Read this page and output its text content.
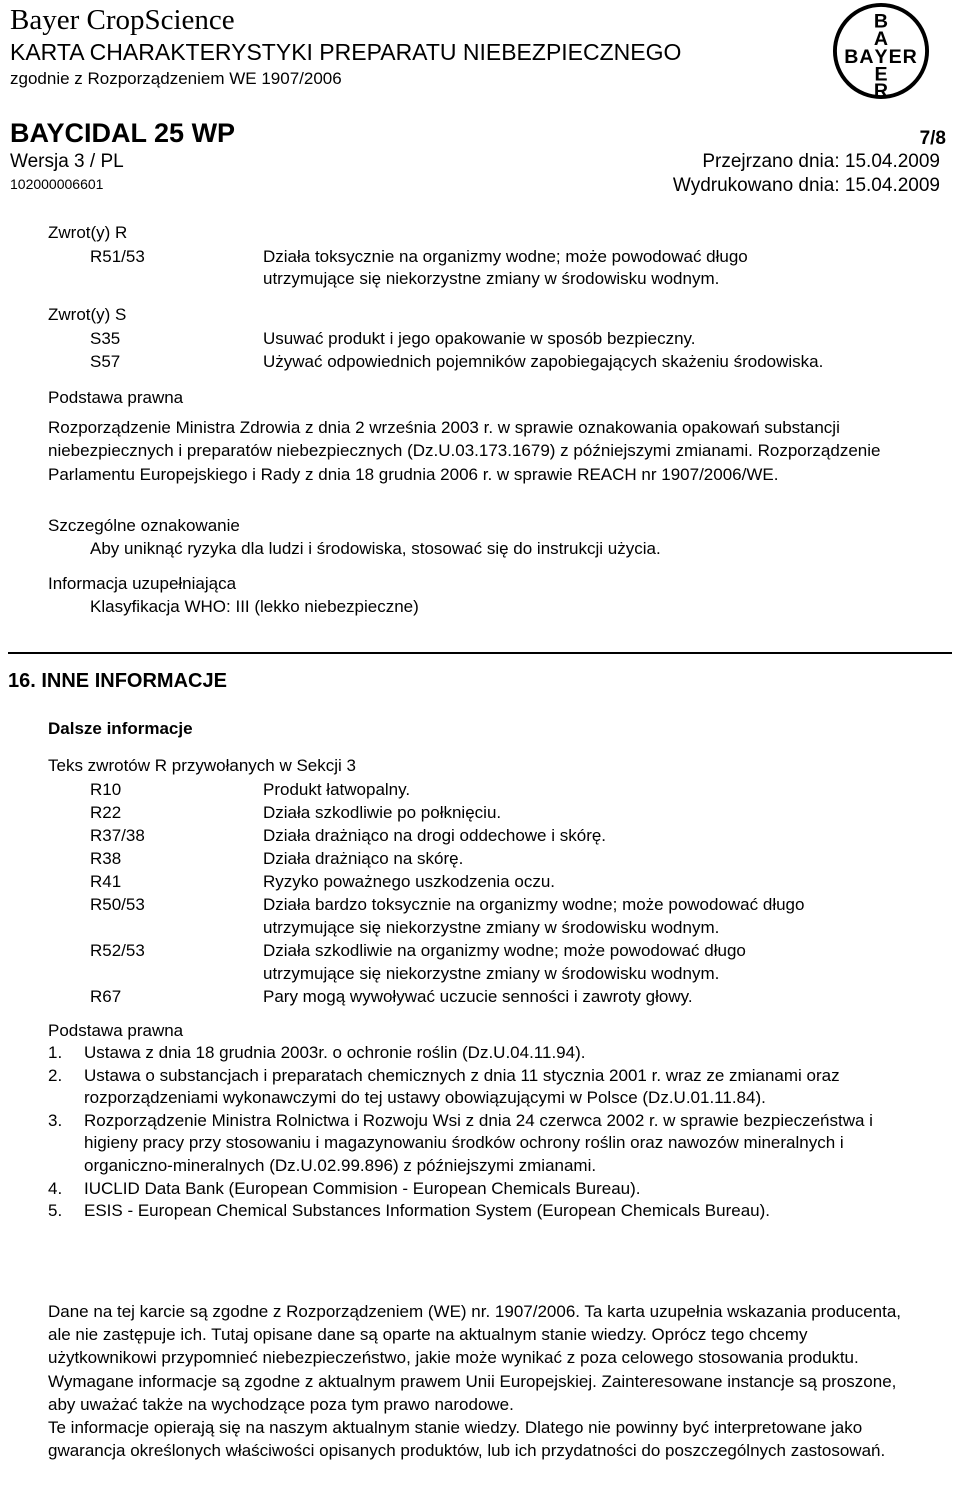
Bayer CropScience
KARTA CHARAKTERYSTYKI PREPARATU NIEBEZPIECZNEGO
zgodnie z Rozporządzeniem WE 1907/2006
B
A
BAYER
E
R
BAYCIDAL 25 WP	7/8
Wersja 3 / PL
102000006601
Przejrzano dnia: 15.04.2009
Wydrukowano dnia: 15.04.2009
Zwrot(y) R
R51/53	Działa toksycznie na organizmy wodne; może powodować długo
utrzymujące się niekorzystne zmiany w środowisku wodnym.
Zwrot(y) S
S35	Usuwać produkt i jego opakowanie w sposób bezpieczny.
S57	Używać odpowiednich pojemników zapobiegających skażeniu środowiska.
Podstawa prawna
Rozporządzenie Ministra Zdrowia z dnia 2 września 2003 r. w sprawie oznakowania opakowań substancji niebezpiecznych i preparatów niebezpiecznych (Dz.U.03.173.1679) z późniejszymi zmianami. Rozporządzenie Parlamentu Europejskiego i Rady z dnia 18 grudnia 2006 r. w sprawie REACH nr 1907/2006/WE.
Szczególne oznakowanie
Aby uniknąć ryzyka dla ludzi i środowiska, stosować się do instrukcji użycia.
Informacja uzupełniająca
Klasyfikacja WHO: III (lekko niebezpieczne)
16. INNE INFORMACJE
Dalsze informacje
Teks zwrotów R przywołanych w Sekcji 3
R10	Produkt łatwopalny.
R22	Działa szkodliwie po połknięciu.
R37/38	Działa drażniąco na drogi oddechowe i skórę.
R38	Działa drażniąco na skórę.
R41	Ryzyko poważnego uszkodzenia oczu.
R50/53	Działa bardzo toksycznie na organizmy wodne; może powodować długo
utrzymujące się niekorzystne zmiany w środowisku wodnym.
R52/53	Działa szkodliwie na organizmy wodne; może powodować długo
utrzymujące się niekorzystne zmiany w środowisku wodnym.
R67	Pary mogą wywoływać uczucie senności i zawroty głowy.
Podstawa prawna
1. Ustawa z dnia 18 grudnia 2003r. o ochronie roślin (Dz.U.04.11.94).
2. Ustawa o substancjach i preparatach chemicznych z dnia 11 stycznia 2001 r. wraz ze zmianami oraz rozporządzeniami wykonawczymi do tej ustawy obowiązującymi w Polsce (Dz.U.01.11.84).
3. Rozporządzenie Ministra Rolnictwa i Rozwoju Wsi z dnia 24 czerwca 2002 r. w sprawie bezpieczeństwa i higieny pracy przy stosowaniu i magazynowaniu środków ochrony roślin oraz nawozów mineralnych i organiczno-mineralnych (Dz.U.02.99.896) z późniejszymi zmianami.
4. IUCLID Data Bank (European Commision - European Chemicals Bureau).
5. ESIS - European Chemical Substances Information System (European Chemicals Bureau).

Dane na tej karcie są zgodne z Rozporządzeniem (WE) nr. 1907/2006. Ta karta uzupełnia wskazania producenta, ale nie zastępuje ich. Tutaj opisane dane są oparte na aktualnym stanie wiedzy. Oprócz tego chcemy użytkownikowi przypomnieć niebezpieczeństwo, jakie może wynikać z poza celowego stosowania produktu. Wymagane informacje są zgodne z aktualnym prawem Unii Europejskiej. Zainteresowane instancje są proszone, aby uważać także na wychodzące poza tym prawo narodowe.

Te informacje opierają się na naszym aktualnym stanie wiedzy. Dlatego nie powinny być interpretowane jako gwarancja określonych właściwości opisanych produktów, lub ich przydatności do poszczególnych zastosowań.
